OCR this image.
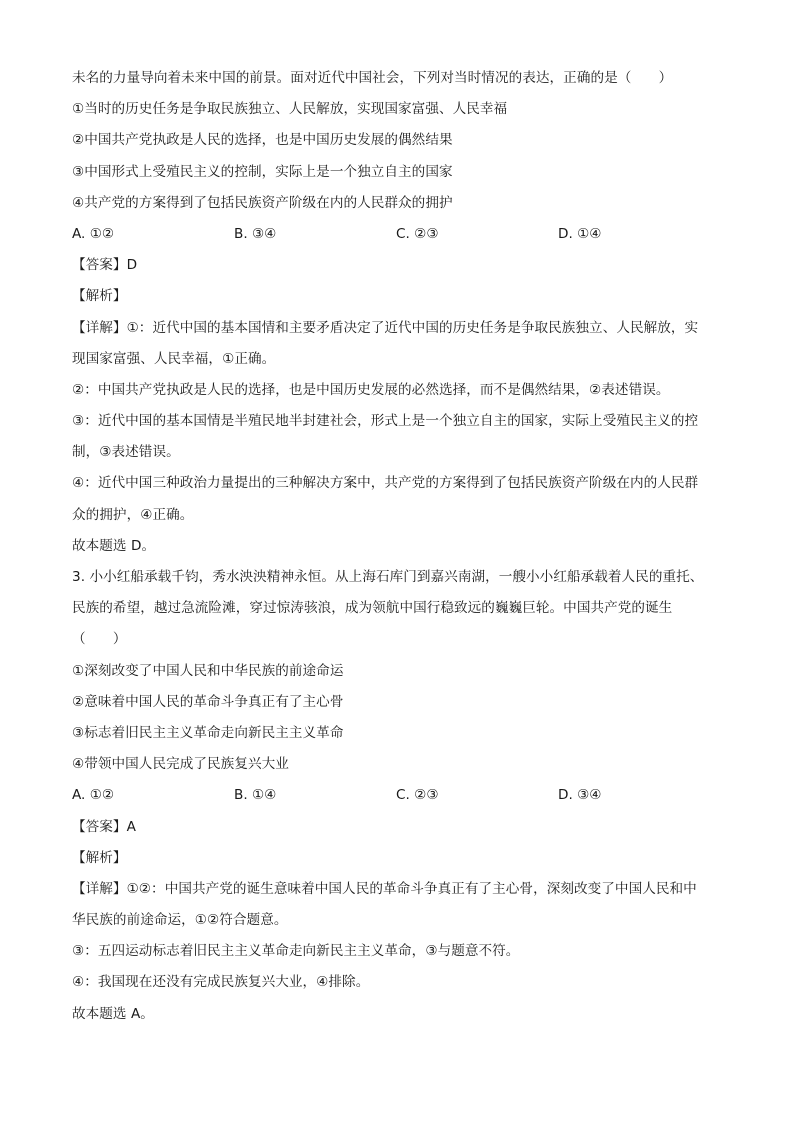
未名的力量导向着未来中国的前景。面对近代中国社会，下列对当时情况的表达，正确的是（　　）
①当时的历史任务是争取民族独立、人民解放，实现国家富强、人民幸福
②中国共产党执政是人民的选择，也是中国历史发展的偶然结果
③中国形式上受殖民主义的控制，实际上是一个独立自主的国家
④共产党的方案得到了包括民族资产阶级在内的人民群众的拥护
A. ①②	B. ③④	C. ②③	D. ①④
【答案】D
【解析】
【详解】①：近代中国的基本国情和主要矛盾决定了近代中国的历史任务是争取民族独立、人民解放，实
现国家富强、人民幸福，①正确。
②：中国共产党执政是人民的选择，也是中国历史发展的必然选择，而不是偶然结果，②表述错误。
③：近代中国的基本国情是半殖民地半封建社会，形式上是一个独立自主的国家，实际上受殖民主义的控
制，③表述错误。
④：近代中国三种政治力量提出的三种解决方案中，共产党的方案得到了包括民族资产阶级在内的人民群
众的拥护，④正确。
故本题选 D。
3. 小小红船承载千钧，秀水泱泱精神永恒。从上海石库门到嘉兴南湖，一艘小小红船承载着人民的重托、
民族的希望，越过急流险滩，穿过惊涛骇浪，成为领航中国行稳致远的巍巍巨轮。中国共产党的诞生
（　　）
①深刻改变了中国人民和中华民族的前途命运
②意味着中国人民的革命斗争真正有了主心骨
③标志着旧民主主义革命走向新民主主义革命
④带领中国人民完成了民族复兴大业
A. ①②	B. ①④	C. ②③	D. ③④
【答案】A
【解析】
【详解】①②：中国共产党的诞生意味着中国人民的革命斗争真正有了主心骨，深刻改变了中国人民和中
华民族的前途命运，①②符合题意。
③：五四运动标志着旧民主主义革命走向新民主主义革命，③与题意不符。
④：我国现在还没有完成民族复兴大业，④排除。
故本题选 A。
